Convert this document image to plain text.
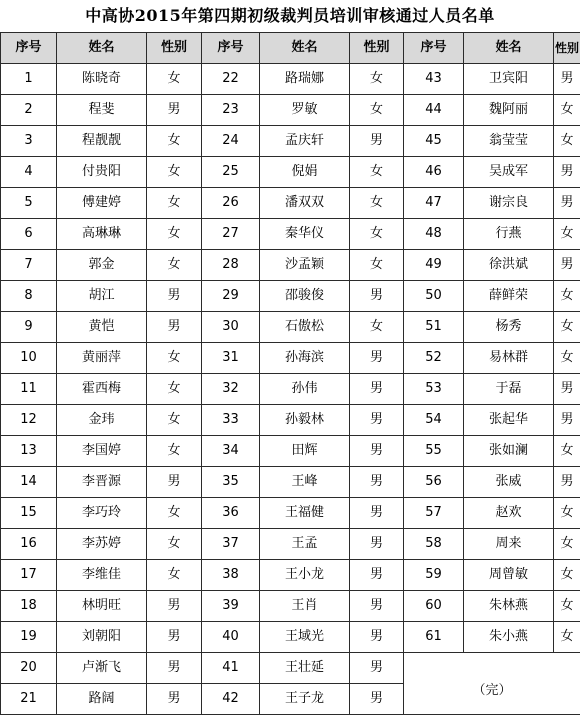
中高协2015年第四期初级裁判员培训审核通过人员名单
序号	姓名	性别	序号	姓名	性别	序号	姓名	性别
1	陈晓奇	女	22	路瑞娜	女	43	卫宾阳	男
2	程斐	男	23	罗敏	女	44	魏阿丽	女
3	程靓靓	女	24	孟庆轩	男	45	翁莹莹	女
4	付贵阳	女	25	倪娟	女	46	吴成军	男
5	傅建婷	女	26	潘双双	女	47	谢宗良	男
6	高琳琳	女	27	秦华仪	女	48	行燕	女
7	郭金	女	28	沙孟颖	女	49	徐洪斌	男
8	胡江	男	29	邵骏俊	男	50	薛鲜荣	女
9	黄恺	男	30	石傲松	女	51	杨秀	女
10	黄丽萍	女	31	孙海滨	男	52	易林群	女
11	霍西梅	女	32	孙伟	男	53	于磊	男
12	金玮	女	33	孙毅林	男	54	张起华	男
13	李国婷	女	34	田辉	男	55	张如澜	女
14	李晋源	男	35	王峰	男	56	张威	男
15	李巧玲	女	36	王福健	男	57	赵欢	女
16	李苏婷	女	37	王孟	男	58	周来	女
17	李维佳	女	38	王小龙	男	59	周曾敏	女
18	林明旺	男	39	王肖	男	60	朱林燕	女
19	刘朝阳	男	40	王域光	男	61	朱小燕	女
20	卢渐飞	男	41	王壮延	男	（完）		
21	路阔	男	42	王子龙	男			
